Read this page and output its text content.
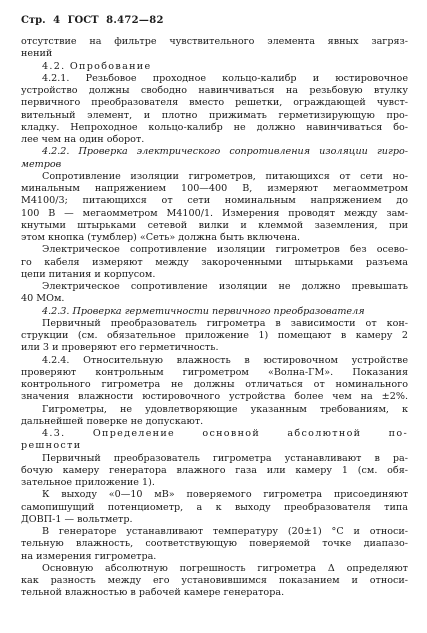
Стр. 4 ГОСТ 8.472—82
отсутствие на фильтре чувствительного элемента явных загряз-
нений
4.2. Опробование
4.2.1. Резьбовое проходное кольцо-калибр и юстировочное
устройство должны свободно навинчиваться на резьбовую втулку
первичного преобразователя вместо решетки, ограждающей чувст-
вительный элемент, и плотно прижимать герметизирующую про-
кладку. Непроходное кольцо-калибр не должно навинчиваться бо-
лее чем на один оборот.
4.2.2. Проверка электрического сопротивления изоляции гигро-
метров
Сопротивление изоляции гигрометров, питающихся от сети но-
минальным напряжением 100—400 В, измеряют мегаомметром
М4100/3; питающихся от сети номинальным напряжением до
100 В — мегаомметром М4100/1. Измерения проводят между зам-
кнутыми штырьками сетевой вилки и клеммой заземления, при
этом кнопка (тумблер) «Сеть» должна быть включена.
Электрическое сопротивление изоляции гигрометров без осево-
го кабеля измеряют между закороченными штырьками разъема
цепи питания и корпусом.
Электрическое сопротивление изоляции не должно превышать
40 МОм.
4.2.3. Проверка герметичности первичного преобразователя
Первичный преобразователь гигрометра в зависимости от кон-
струкции (см. обязательное приложение 1) помещают в камеру 2
или 3 и проверяют его герметичность.
4.2.4. Относительную влажность в юстировочном устройстве
проверяют контрольным гигрометром «Волна-ГМ». Показания
контрольного гигрометра не должны отличаться от номинального
значения влажности юстировочного устройства более чем на ±2%.
Гигрометры, не удовлетворяющие указанным требованиям, к
дальнейшей поверке не допускают.
4.3. Определение основной абсолютной по-
решности
Первичный преобразователь гигрометра устанавливают в ра-
бочую камеру генератора влажного газа или камеру 1 (см. обя-
зательное приложение 1).
К выходу «0—10 мВ» поверяемого гигрометра присоединяют
самопишущий потенциометр, а к выходу преобразователя типа
ДОВП-1 — вольтметр.
В генераторе устанавливают температуру (20±1) °С и относи-
тельную влажность, соответствующую поверяемой точке диапазо-
на измерения гигрометра.
Основную абсолютную погрешность гигрометра Δ определяют
как разность между его установившимся показанием и относи-
тельной влажностью в рабочей камере генератора.
